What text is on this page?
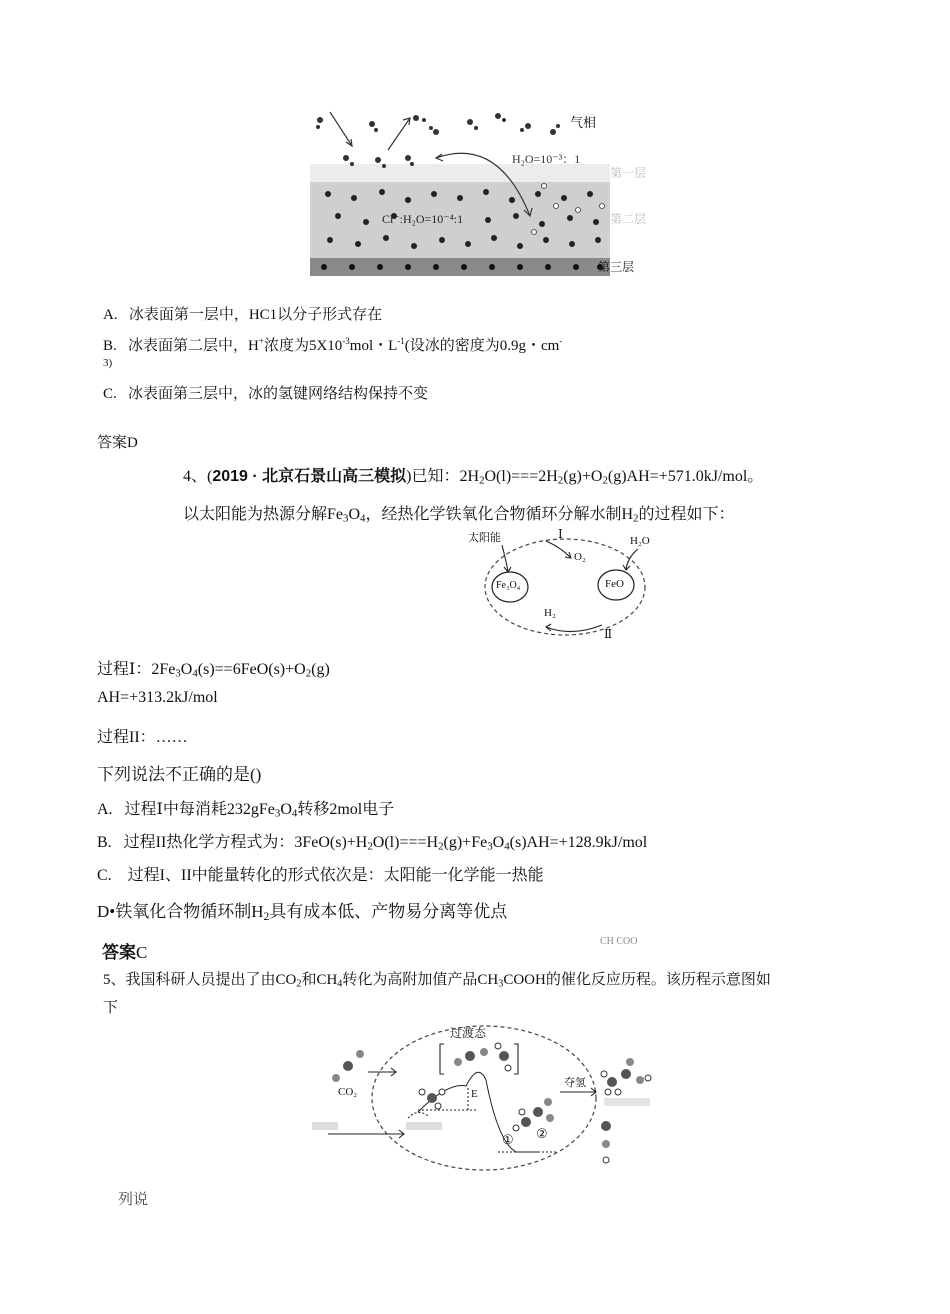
气相
H₂O=10⁻³：1
第一层
Cl⁻:H₂O=10⁻⁴:1	第二层
第三层
A. 冰表面第一层中，HC1以分子形式存在
B. 冰表面第二层中，H+浓度为$5X10^{-3}mol$・$L^{-1}$(设冰的密度为0.9g・cm-
3)
C. 冰表面第三层中，冰的氢键网络结构保持不变
答案D
4、(2019 · 北京石景山高三模拟)已知：$2H_2O(l)===2H_2(g)+O_2(g)AH=+571.0kJ$/mol。
以太阳能为热源分解$Fe_3O_4$，经热化学铁氧化合物循环分解水制$H_2$的过程如下：
太阳能	Ⅰ
O₂
H₂O
Fe₃O₄	FeO
H₂
Ⅱ
过程Ⅰ：$2Fe_3O_4(s)==6FeO(s)+O_2(g)$
AH=+313.2kJ/mol
过程II：……
下列说法不正确的是()
A.   过程Ⅰ中每消耗$232gFe_3O_4$转移2mol电子
B.   过程II热化学方程式为：$3FeO(s)+H_2O(l)===H_2(g)+Fe_3O_4(s)AH=+128.9kJ$/mol
C.    过程I、II中能量转化的形式依次是：太阳能一化学能一热能
D•铁氧化合物循环制$H_2$具有成本低、产物易分离等优点
答案C
CH COO
5、我国科研人员提出了由$CO_2$和$CH_4$转化为高附加值产品$CH_3COOH$的催化反应历程。该历程示意图如
下
CO₂
过渡态
E
① ②
夺氢
列说
